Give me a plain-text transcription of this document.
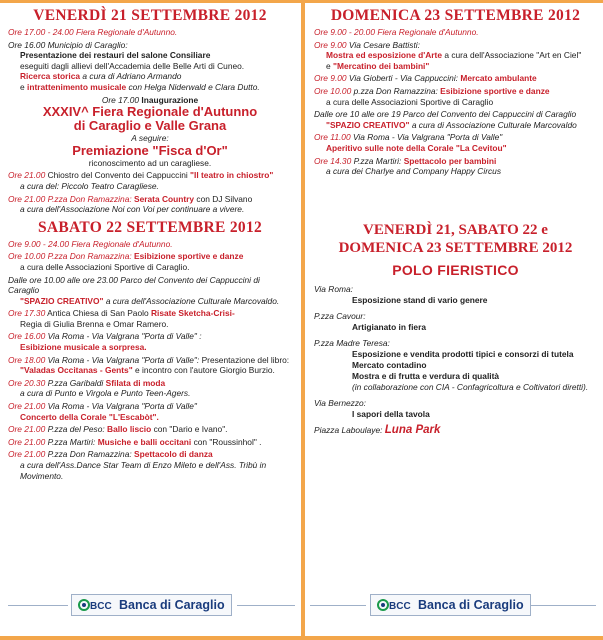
VENERDÌ 21 SETTEMBRE 2012
Ore 17.00 - 24.00 Fiera Regionale d'Autunno.
Ore 16.00 Municipio di Caraglio:
Presentazione dei restauri del salone Consiliare
eseguiti dagli allievi dell'Accademia delle Belle Arti di Cuneo.
Ricerca storica a cura di Adriano Armando
e intrattenimento musicale con Helga Niderwald e Clara Dutto.
Ore 17.00 Inaugurazione
XXXIV^ Fiera Regionale d'Autunno
di Caraglio e Valle Grana
A seguire:
Premiazione "Fisca d'Or"
riconoscimento ad un caragliese.
Ore 21.00 Chiostro del Convento dei Cappuccini "Il teatro in chiostro"
a cura del: Piccolo Teatro Caragliese.
Ore 21.00 P.zza Don Ramazzina: Serata Country con DJ Silvano
a cura dell'Associazione Noi con Voi per continuare a vivere.
SABATO 22 SETTEMBRE 2012
Ore 9.00 - 24.00 Fiera Regionale d'Autunno.
Ore 10.00 P.zza Don Ramazzina: Esibizione sportive e danze
a cura delle Associazioni Sportive di Caraglio.
Dalle ore 10.00 alle ore 23.00 Parco del Convento dei Cappuccini di Caraglio
"SPAZIO CREATIVO" a cura dell'Associazione Culturale Marcovaldo.
Ore 17.30 Antica Chiesa di San Paolo Risate Sketcha-Crisi-
Regia di Giulia Brenna e Omar Ramero.
Ore 16.00 Via Roma - Via Valgrana "Porta di Valle" :
Esibizione musicale a sorpresa.
Ore 18.00 Via Roma - Via Valgrana "Porta di Valle": Presentazione del libro:
"Valadas Occitanas - Gents" e incontro con l'autore Giorgio Burzio.
Ore 20.30 P.zza Garibaldi Sfilata di moda
a cura di Punto e Virgola e Punto Teen-Agers.
Ore 21.00 Via Roma - Via Valgrana "Porta di Valle"
Concerto della Corale "L'Escabòt".
Ore 21.00 P.zza del Peso: Ballo liscio con "Dario e Ivano".
Ore 21.00 P.zza Martiri: Musiche e balli occitani con "Roussinhol" .
Ore 21.00 P.zza Don Ramazzina: Spettacolo di danza
a cura dell'Ass.Dance Star Team di Enzo Mileto e dell'Ass. Tribù in Movimento.
BCC Banca di Caraglio
DOMENICA 23 SETTEMBRE 2012
Ore 9.00 - 20.00 Fiera Regionale d'Autunno.
Ore 9.00 Via Cesare Battisti:
Mostra ed esposizione d'Arte a cura dell'Associazione "Art en Ciel"
e "Mercatino dei bambini"
Ore 9.00 Via Gioberti - Via Cappuccini: Mercato ambulante
Ore 10.00 p.zza Don Ramazzina: Esibizione sportive e danze
a cura delle Associazioni Sportive di Caraglio
Dalle ore 10 alle ore 19 Parco del Convento dei Cappuccini di Caraglio
"SPAZIO CREATIVO" a cura di Associazione Culturale Marcovaldo
Ore 11.00 Via Roma - Via Valgrana "Porta di Valle"
Aperitivo sulle note della Corale "La Cevitou"
Ore 14.30 P.zza Martiri: Spettacolo per bambini
a cura dei Charlye and Company Happy Circus
VENERDÌ 21, SABATO 22 e
DOMENICA 23 SETTEMBRE 2012
POLO FIERISTICO
Via Roma:
Esposizione stand di vario genere
P.zza Cavour:
Artigianato in fiera
P.zza Madre Teresa:
Esposizione e vendita prodotti tipici e consorzi di tutela
Mercato contadino
Mostra e di frutta e verdura di qualità
(in collaborazione con CIA - Confagricoltura e Coltivatori diretti).
Via Bernezzo:
I sapori della tavola
Piazza Laboulaye: Luna Park
BCC Banca di Caraglio
